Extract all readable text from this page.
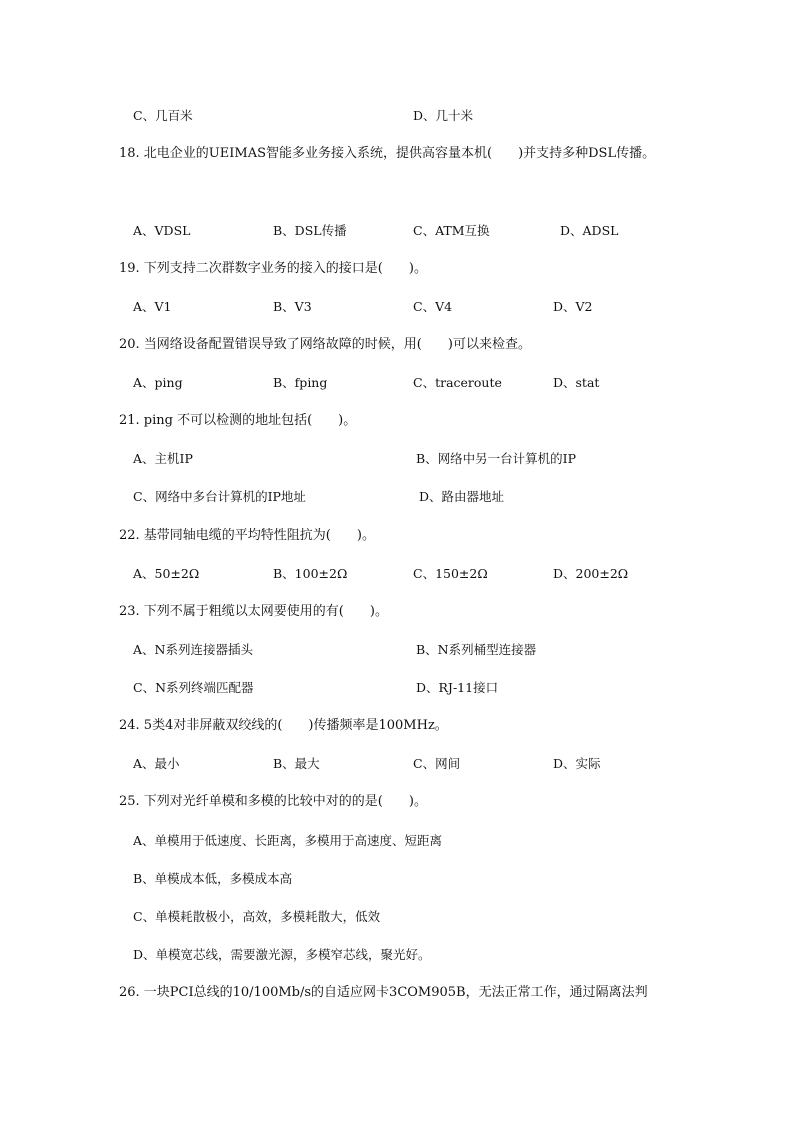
C、几百米	D、几十米
18. 北电企业的UEIMAS智能多业务接入系统，提供高容量本机(　　)并支持多种DSL传播。
A、VDSL	B、DSL传播	C、ATM互换	D、ADSL
19. 下列支持二次群数字业务的接入的接口是(　　)。
A、V1	B、V3	C、V4	D、V2
20. 当网络设备配置错误导致了网络故障的时候，用(　　)可以来检查。
A、ping	B、fping	C、traceroute	D、stat
21. ping 不可以检测的地址包括(　　)。
A、主机IP	B、网络中另一台计算机的IP
C、网络中多台计算机的IP地址	D、路由器地址
22. 基带同轴电缆的平均特性阻抗为(　　)。
A、50±2Ω	B、100±2Ω	C、150±2Ω	D、200±2Ω
23. 下列不属于粗缆以太网要使用的有(　　)。
A、N系列连接器插头	B、N系列桶型连接器
C、N系列终端匹配器	D、RJ-11接口
24. 5类4对非屏蔽双绞线的(　　)传播频率是100MHz。
A、最小	B、最大	C、网间	D、实际
25. 下列对光纤单模和多模的比较中对的的是(　　)。
A、单模用于低速度、长距离，多模用于高速度、短距离
B、单模成本低，多模成本高
C、单模耗散极小，高效，多模耗散大，低效
D、单模宽芯线，需要激光源，多模窄芯线，聚光好。
26. 一块PCI总线的10/100Mb/s的自适应网卡3COM905B，无法正常工作，通过隔离法判
